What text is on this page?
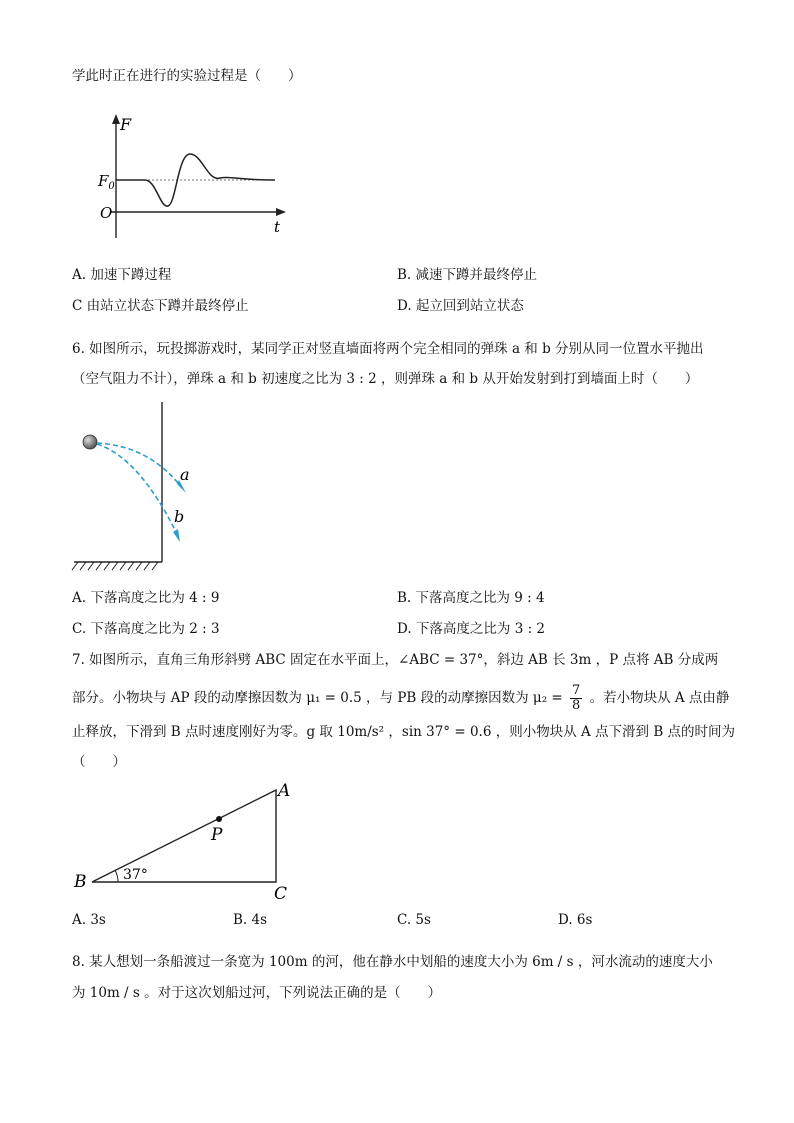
学此时正在进行的实验过程是（　　）
F
$F_0$
O
t
A. 加速下蹲过程	B. 减速下蹲并最终停止
C 由站立状态下蹲并最终停止	D. 起立回到站立状态
6. 如图所示，玩投掷游戏时，某同学正对竖直墙面将两个完全相同的弹珠 a 和 b 分别从同一位置水平抛出
（空气阻力不计），弹珠 a 和 b 初速度之比为 3 : 2 ，则弹珠 a 和 b 从开始发射到打到墙面上时（　　）
a
b
A. 下落高度之比为 4 : 9	B. 下落高度之比为 9 : 4
C. 下落高度之比为 2 : 3	D. 下落高度之比为 3 : 2
7. 如图所示，直角三角形斜劈 ABC 固定在水平面上，∠ABC = 37°，斜边 AB 长 3m ，P 点将 AB 分成两
部分。小物块与 AP 段的动摩擦因数为 μ₁ = 0.5 ，与 PB 段的动摩擦因数为 $\mu_2 = \frac{7}{8}$ 。若小物块从 A 点由静
止释放，下滑到 B 点时速度刚好为零。g 取 10m/s² ，sin 37° = 0.6 ，则小物块从 A 点下滑到 B 点的时间为
（　　）
A
B
C
P
37°
A. 3s	B. 4s	C. 5s	D. 6s
8. 某人想划一条船渡过一条宽为 100m 的河，他在静水中划船的速度大小为 6m / s ，河水流动的速度大小
为 10m / s 。对于这次划船过河，下列说法正确的是（　　）
